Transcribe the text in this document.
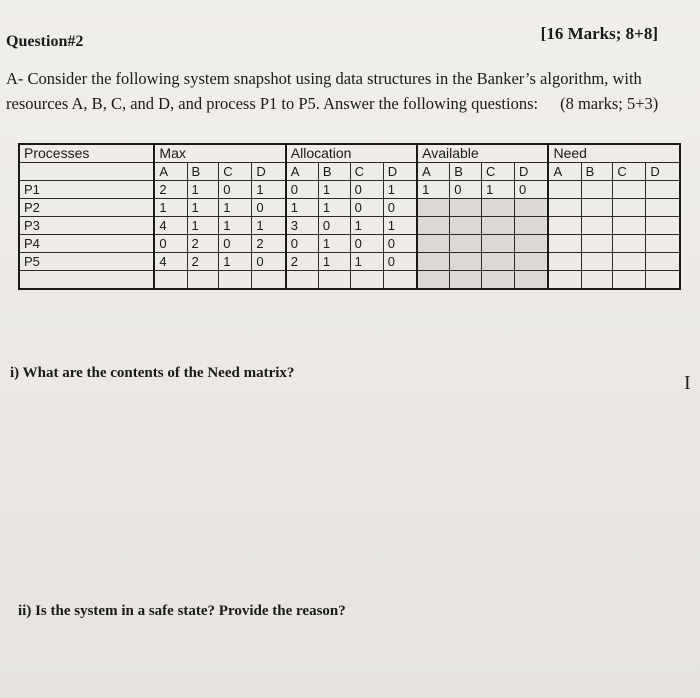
Question#2	[16 Marks; 8+8]
A- Consider the following system snapshot using data structures in the Banker’s algorithm, with
resources A, B, C, and D, and process P1 to P5. Answer the following questions: (8 marks; 5+3)
Processes	Max				Allocation				Available				Need			
	A	B	C	D	A	B	C	D	A	B	C	D	A	B	C	D
P1	2	1	0	1	0	1	0	1	1	0	1	0				
P2	1	1	1	0	1	1	0	0								
P3	4	1	1	1	3	0	1	1								
P4	0	2	0	2	0	1	0	0								
P5	4	2	1	0	2	1	1	0								

i) What are the contents of the Need matrix?
ii) Is the system in a safe state? Provide the reason?
I
